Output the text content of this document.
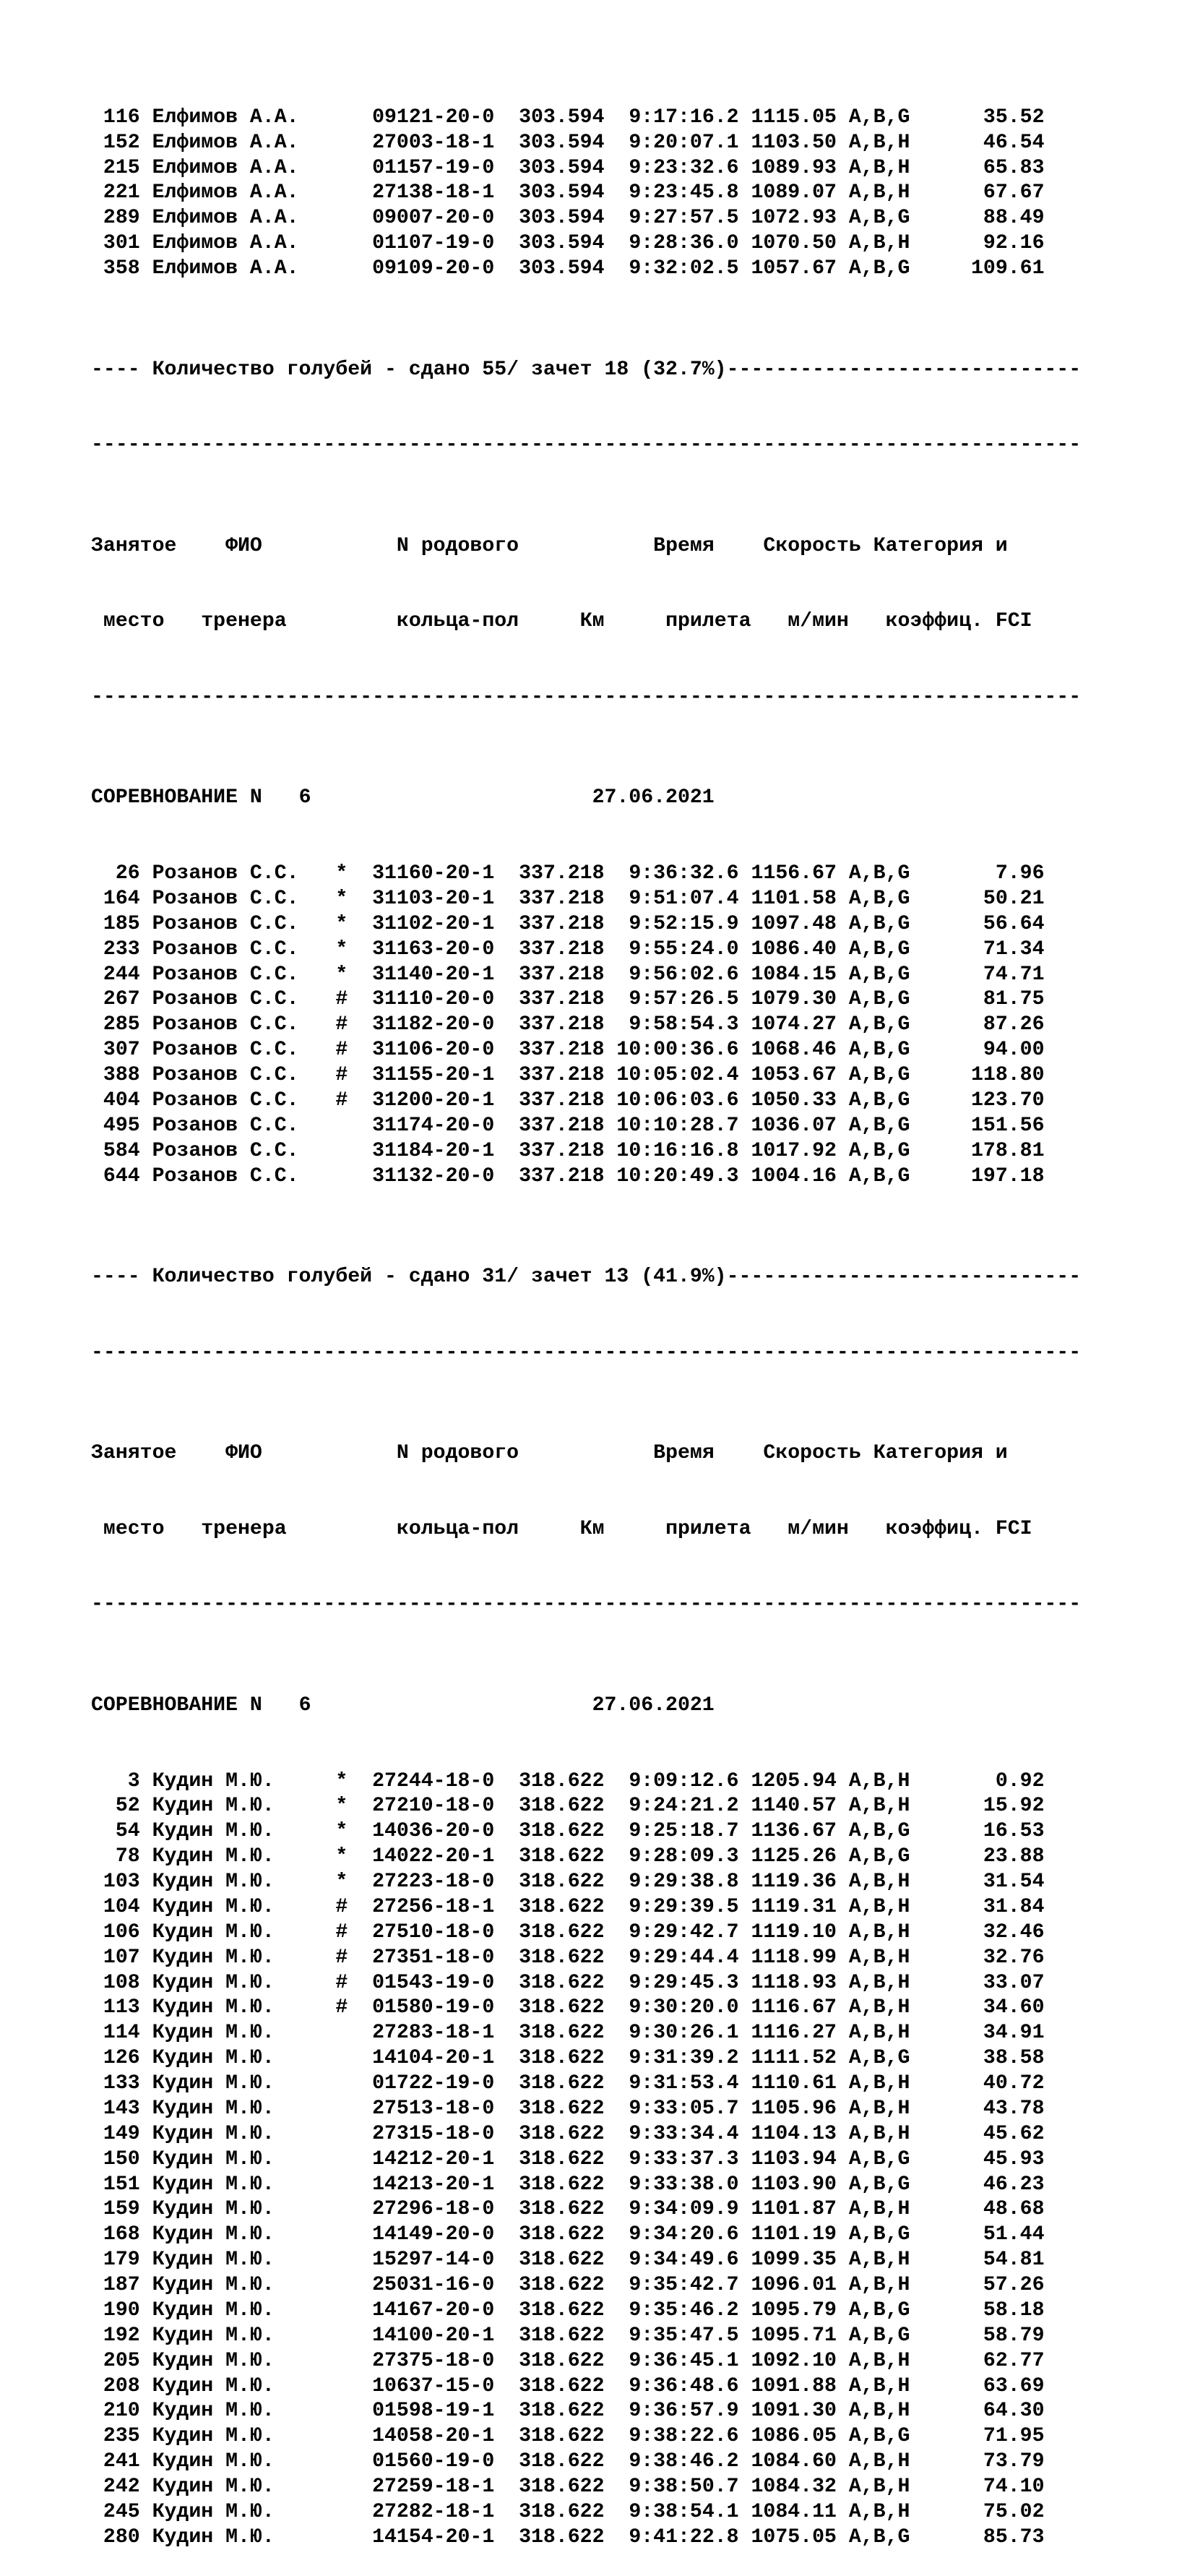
116 Елфимов А.А.      09121-20-0 303.594  9:17:16.2 1115.05 A,B,G      35.52
152 Елфимов А.А.      27003-18-1 303.594  9:20:07.1 1103.50 A,B,H      46.54
215 Елфимов А.А.      01157-19-0 303.594  9:23:32.6 1089.93 A,B,H      65.83
221 Елфимов А.А.      27138-18-1 303.594  9:23:45.8 1089.07 A,B,H      67.67
289 Елфимов А.А.      09007-20-0 303.594  9:27:57.5 1072.93 A,B,G      88.49
301 Елфимов А.А.      01107-19-0 303.594  9:28:36.0 1070.50 A,B,H      92.16
358 Елфимов А.А.      09109-20-0 303.594  9:32:02.5 1057.67 A,B,G     109.61

---- Количество голубей - сдано 55/ зачет 18 (32.7%)-----------------------------

---------------------------------------------------------------------------------

Занятое ФИО	N родового	Время Скорость Категория и

место тренера	кольца-пол	Км	прилета м/мин коэффиц. FCI

---------------------------------------------------------------------------------

СОРЕВНОВАНИЕ N 6	27.06.2021

26 Розанов С.С.   *  31160-20-1 337.218  9:36:32.6 1156.67 A,B,G       7.96
164 Розанов С.С.   *  31103-20-1 337.218  9:51:07.4 1101.58 A,B,G      50.21
185 Розанов С.С.   *  31102-20-1 337.218  9:52:15.9 1097.48 A,B,G      56.64
233 Розанов С.С.   *  31163-20-0 337.218  9:55:24.0 1086.40 A,B,G      71.34
244 Розанов С.С.   *  31140-20-1 337.218  9:56:02.6 1084.15 A,B,G      74.71
267 Розанов С.С.   #  31110-20-0 337.218  9:57:26.5 1079.30 A,B,G      81.75
285 Розанов С.С.   #  31182-20-0 337.218  9:58:54.3 1074.27 A,B,G      87.26
307 Розанов С.С.   #  31106-20-0 337.218 10:00:36.6 1068.46 A,B,G      94.00
388 Розанов С.С.   #  31155-20-1 337.218 10:05:02.4 1053.67 A,B,G     118.80
404 Розанов С.С.   #  31200-20-1 337.218 10:06:03.6 1050.33 A,B,G     123.70
495 Розанов С.С.      31174-20-0 337.218 10:10:28.7 1036.07 A,B,G     151.56
584 Розанов С.С.      31184-20-1 337.218 10:16:16.8 1017.92 A,B,G     178.81
644 Розанов С.С.      31132-20-0 337.218 10:20:49.3 1004.16 A,B,G     197.18

---- Количество голубей - сдано 31/ зачет 13 (41.9%)-----------------------------

---------------------------------------------------------------------------------

Занятое ФИО	N родового	Время Скорость Категория и

место тренера	кольца-пол	Км	прилета м/мин коэффиц. FCI

---------------------------------------------------------------------------------

СОРЕВНОВАНИЕ N 6	27.06.2021

3 Кудин М.Ю.     *  27244-18-0 318.622  9:09:12.6 1205.94 A,B,H       0.92
52 Кудин М.Ю.     *  27210-18-0 318.622  9:24:21.2 1140.57 A,B,H      15.92
54 Кудин М.Ю.     *  14036-20-0 318.622  9:25:18.7 1136.67 A,B,G      16.53
78 Кудин М.Ю.     *  14022-20-1 318.622  9:28:09.3 1125.26 A,B,G      23.88
103 Кудин М.Ю.     *  27223-18-0 318.622  9:29:38.8 1119.36 A,B,H      31.54
104 Кудин М.Ю.     #  27256-18-1 318.622  9:29:39.5 1119.31 A,B,H      31.84
106 Кудин М.Ю.     #  27510-18-0 318.622  9:29:42.7 1119.10 A,B,H      32.46
107 Кудин М.Ю.     #  27351-18-0 318.622  9:29:44.4 1118.99 A,B,H      32.76
108 Кудин М.Ю.     #  01543-19-0 318.622  9:29:45.3 1118.93 A,B,H      33.07
113 Кудин М.Ю.     #  01580-19-0 318.622  9:30:20.0 1116.67 A,B,H      34.60
114 Кудин М.Ю.        27283-18-1 318.622  9:30:26.1 1116.27 A,B,H      34.91
126 Кудин М.Ю.        14104-20-1 318.622  9:31:39.2 1111.52 A,B,G      38.58
133 Кудин М.Ю.        01722-19-0 318.622  9:31:53.4 1110.61 A,B,H      40.72
143 Кудин М.Ю.        27513-18-0 318.622  9:33:05.7 1105.96 A,B,H      43.78
149 Кудин М.Ю.        27315-18-0 318.622  9:33:34.4 1104.13 A,B,H      45.62
150 Кудин М.Ю.        14212-20-1 318.622  9:33:37.3 1103.94 A,B,G      45.93
151 Кудин М.Ю.        14213-20-1 318.622  9:33:38.0 1103.90 A,B,G      46.23
159 Кудин М.Ю.        27296-18-0 318.622  9:34:09.9 1101.87 A,B,H      48.68
168 Кудин М.Ю.        14149-20-0 318.622  9:34:20.6 1101.19 A,B,G      51.44
179 Кудин М.Ю.        15297-14-0 318.622  9:34:49.6 1099.35 A,B,H      54.81
187 Кудин М.Ю.        25031-16-0 318.622  9:35:42.7 1096.01 A,B,H      57.26
190 Кудин М.Ю.        14167-20-0 318.622  9:35:46.2 1095.79 A,B,G      58.18
192 Кудин М.Ю.        14100-20-1 318.622  9:35:47.5 1095.71 A,B,G      58.79
205 Кудин М.Ю.        27375-18-0 318.622  9:36:45.1 1092.10 A,B,H      62.77
208 Кудин М.Ю.        10637-15-0 318.622  9:36:48.6 1091.88 A,B,H      63.69
210 Кудин М.Ю.        01598-19-1 318.622  9:36:57.9 1091.30 A,B,H      64.30
235 Кудин М.Ю.        14058-20-1 318.622  9:38:22.6 1086.05 A,B,G      71.95
241 Кудин М.Ю.        01560-19-0 318.622  9:38:46.2 1084.60 A,B,H      73.79
242 Кудин М.Ю.        27259-18-1 318.622  9:38:50.7 1084.32 A,B,H      74.10
245 Кудин М.Ю.        27282-18-1 318.622  9:38:54.1 1084.11 A,B,H      75.02
280 Кудин М.Ю.        14154-20-1 318.622  9:41:22.8 1075.05 A,B,G      85.73
